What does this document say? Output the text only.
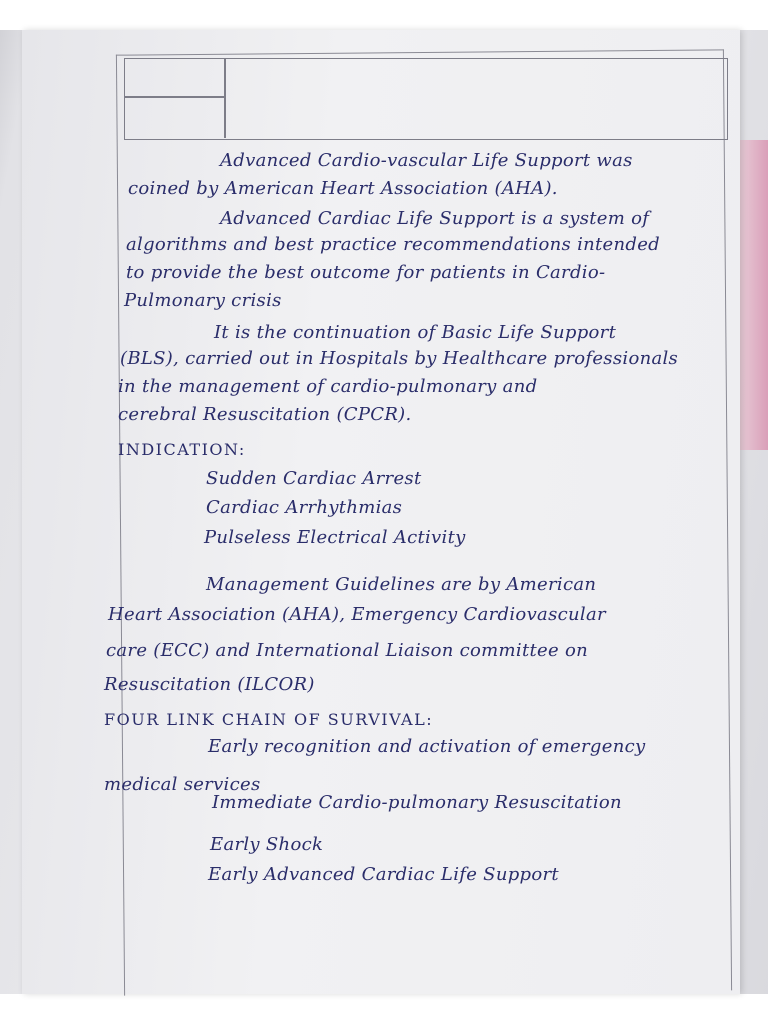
Advanced Cardio-vascular Life Support was
coined by American Heart Association (AHA).
Advanced Cardiac Life Support is a system of
algorithms and best practice recommendations intended
to provide the best outcome for patients in Cardio-
Pulmonary crisis
It is the continuation of Basic Life Support
(BLS), carried out in Hospitals by Healthcare professionals
in the management of cardio-pulmonary and
cerebral Resuscitation (CPCR).
INDICATION:
Sudden Cardiac Arrest
Cardiac Arrhythmias
Pulseless Electrical Activity
Management Guidelines are by American
Heart Association (AHA), Emergency Cardiovascular
care (ECC) and International Liaison committee on
Resuscitation (ILCOR)
FOUR LINK CHAIN OF SURVIVAL:
Early recognition and activation of emergency
medical services
Immediate Cardio-pulmonary Resuscitation
Early Shock
Early Advanced Cardiac Life Support
